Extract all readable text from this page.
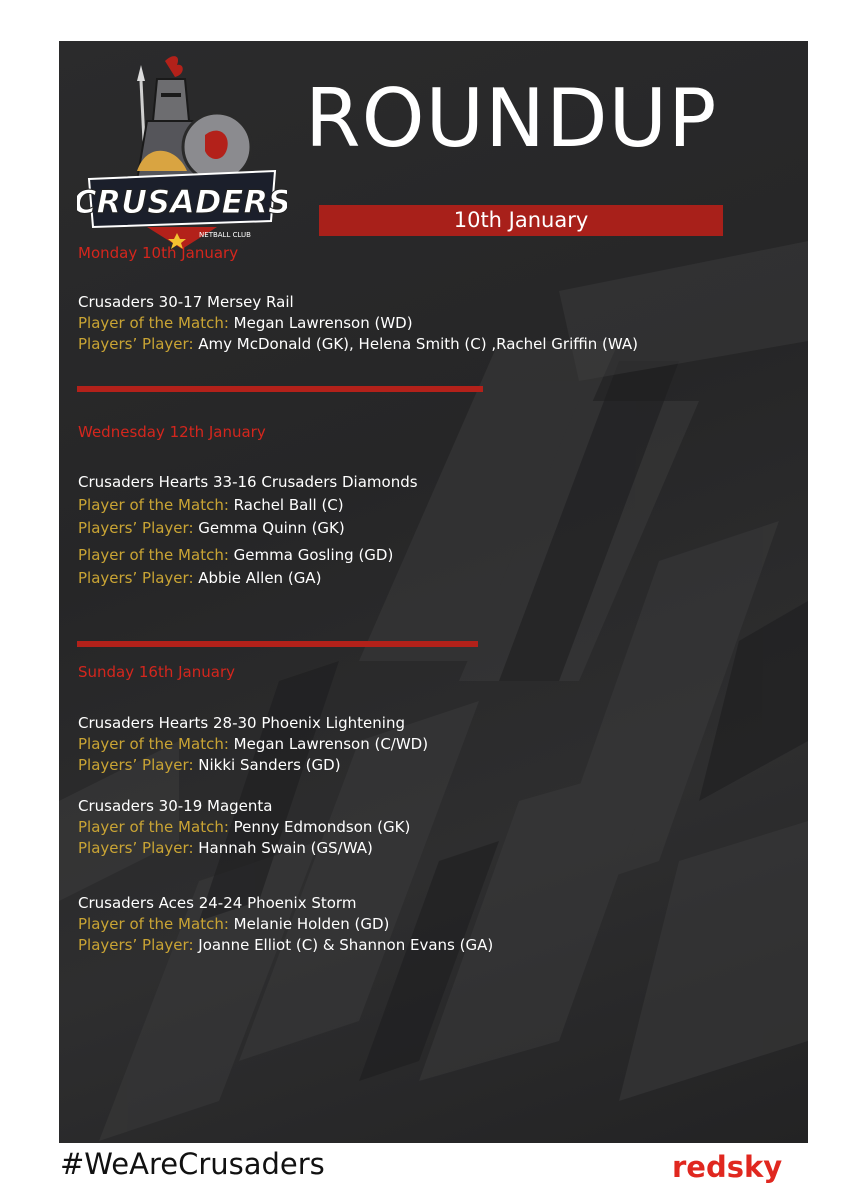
CRUSADERS
NETBALL CLUB
ROUNDUP
10th January
Monday 10th January
Crusaders 30-17 Mersey Rail
Player of the Match: Megan Lawrenson (WD)
Players’ Player: Amy McDonald (GK), Helena Smith (C) ,Rachel Griffin (WA)
Wednesday 12th January
Crusaders Hearts 33-16 Crusaders Diamonds
Player of the Match: Rachel Ball (C)
Players’ Player: Gemma Quinn (GK)
Player of the Match: Gemma Gosling (GD)
Players’ Player: Abbie Allen (GA)
Sunday 16th January
Crusaders Hearts 28-30 Phoenix Lightening
Player of the Match: Megan Lawrenson (C/WD)
Players’ Player: Nikki Sanders (GD)
Crusaders 30-19 Magenta
Player of the Match: Penny Edmondson (GK)
Players’ Player: Hannah Swain (GS/WA)
Crusaders Aces 24-24 Phoenix Storm
Player of the Match: Melanie Holden (GD)
Players’ Player: Joanne Elliot (C) & Shannon Evans (GA)
#WeAreCrusaders	redsky
